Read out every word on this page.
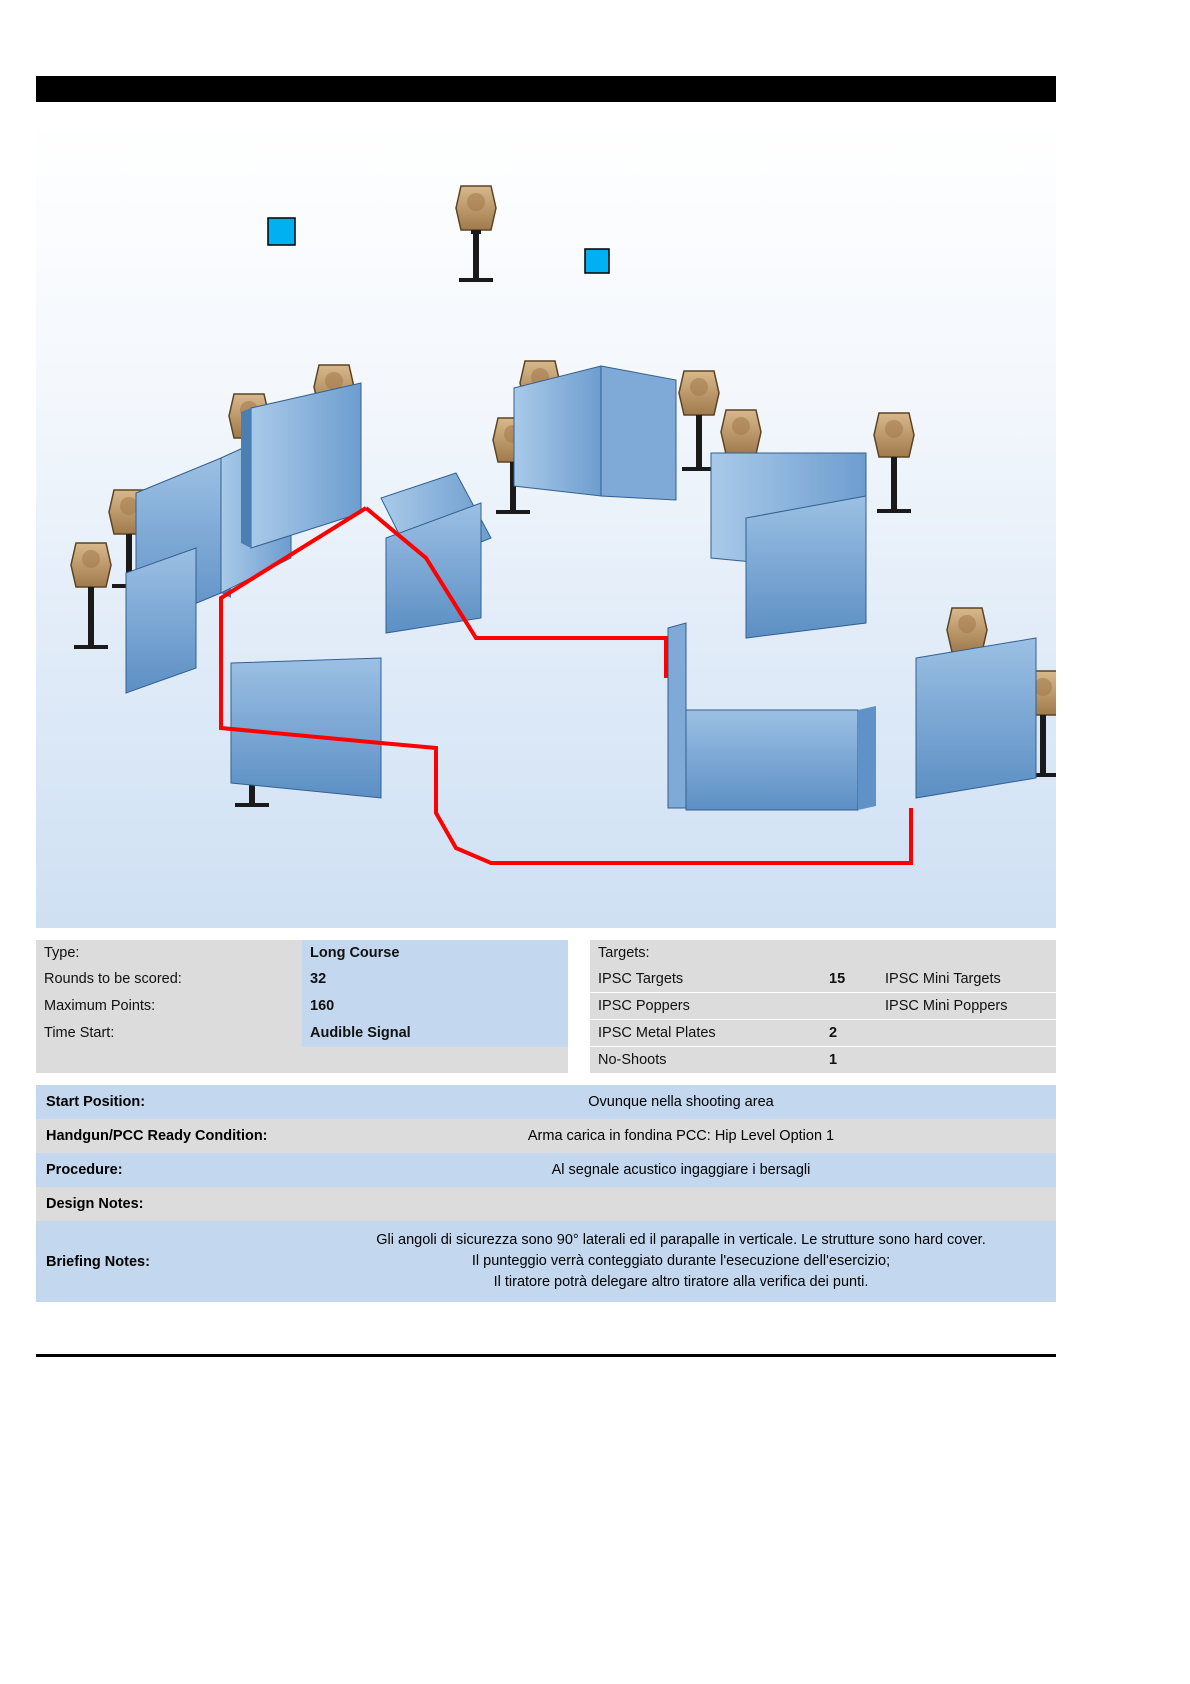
Type:	Long Course		Targets:		
Rounds to be scored:	32		IPSC Targets	15	IPSC Mini Targets
Maximum Points:	160		IPSC Poppers		IPSC Mini Poppers
Time Start:	Audible Signal		IPSC Metal Plates	2	
			No-Shoots	1	
Start Position:	Ovunque nella shooting area
Handgun/PCC Ready Condition:	Arma carica in fondina PCC: Hip Level Option 1
Procedure:	Al segnale acustico ingaggiare i bersagli
Design Notes:	
Briefing Notes:	Gli angoli di sicurezza sono 90° laterali ed il parapalle in verticale. Le strutture sono hard cover.
Il punteggio verrà conteggiato durante l'esecuzione dell'esercizio;
Il tiratore potrà delegare altro tiratore alla verifica dei punti.
